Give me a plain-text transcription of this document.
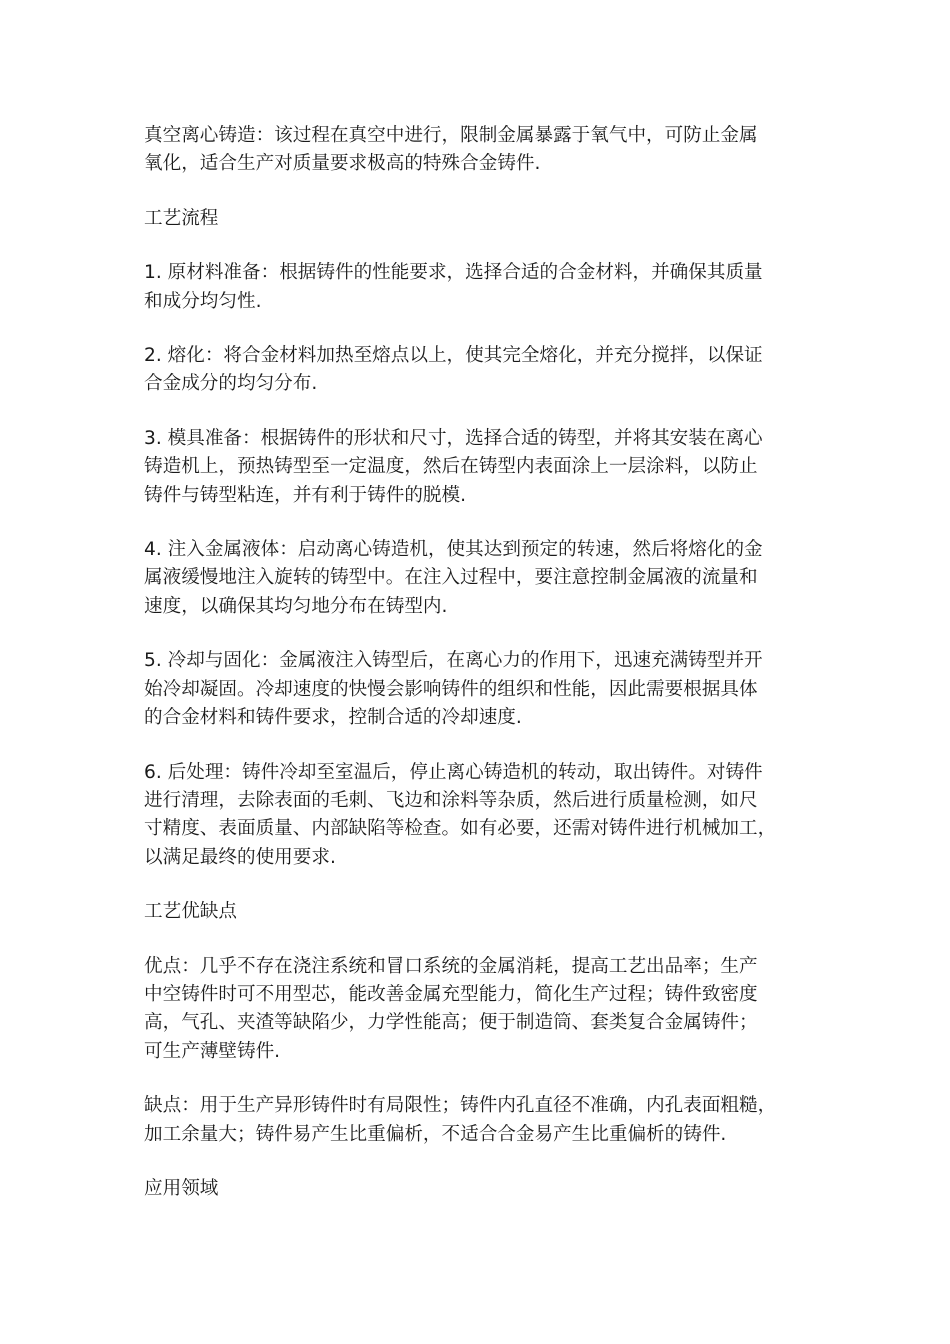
真空离心铸造：该过程在真空中进行，限制金属暴露于氧气中，可防止金属
氧化，适合生产对质量要求极高的特殊合金铸件.

工艺流程

1. 原材料准备：根据铸件的性能要求，选择合适的合金材料，并确保其质量
和成分均匀性.

2. 熔化：将合金材料加热至熔点以上，使其完全熔化，并充分搅拌，以保证
合金成分的均匀分布.

3. 模具准备：根据铸件的形状和尺寸，选择合适的铸型，并将其安装在离心
铸造机上，预热铸型至一定温度，然后在铸型内表面涂上一层涂料，以防止
铸件与铸型粘连，并有利于铸件的脱模.

4. 注入金属液体：启动离心铸造机，使其达到预定的转速，然后将熔化的金
属液缓慢地注入旋转的铸型中。在注入过程中，要注意控制金属液的流量和
速度，以确保其均匀地分布在铸型内.

5. 冷却与固化：金属液注入铸型后，在离心力的作用下，迅速充满铸型并开
始冷却凝固。冷却速度的快慢会影响铸件的组织和性能，因此需要根据具体
的合金材料和铸件要求，控制合适的冷却速度.

6. 后处理：铸件冷却至室温后，停止离心铸造机的转动，取出铸件。对铸件
进行清理，去除表面的毛刺、飞边和涂料等杂质，然后进行质量检测，如尺
寸精度、表面质量、内部缺陷等检查。如有必要，还需对铸件进行机械加工，
以满足最终的使用要求.

工艺优缺点

优点：几乎不存在浇注系统和冒口系统的金属消耗，提高工艺出品率；生产
中空铸件时可不用型芯，能改善金属充型能力，简化生产过程；铸件致密度
高，气孔、夹渣等缺陷少，力学性能高；便于制造筒、套类复合金属铸件；
可生产薄壁铸件.

缺点：用于生产异形铸件时有局限性；铸件内孔直径不准确，内孔表面粗糙，
加工余量大；铸件易产生比重偏析，不适合合金易产生比重偏析的铸件.

应用领域
